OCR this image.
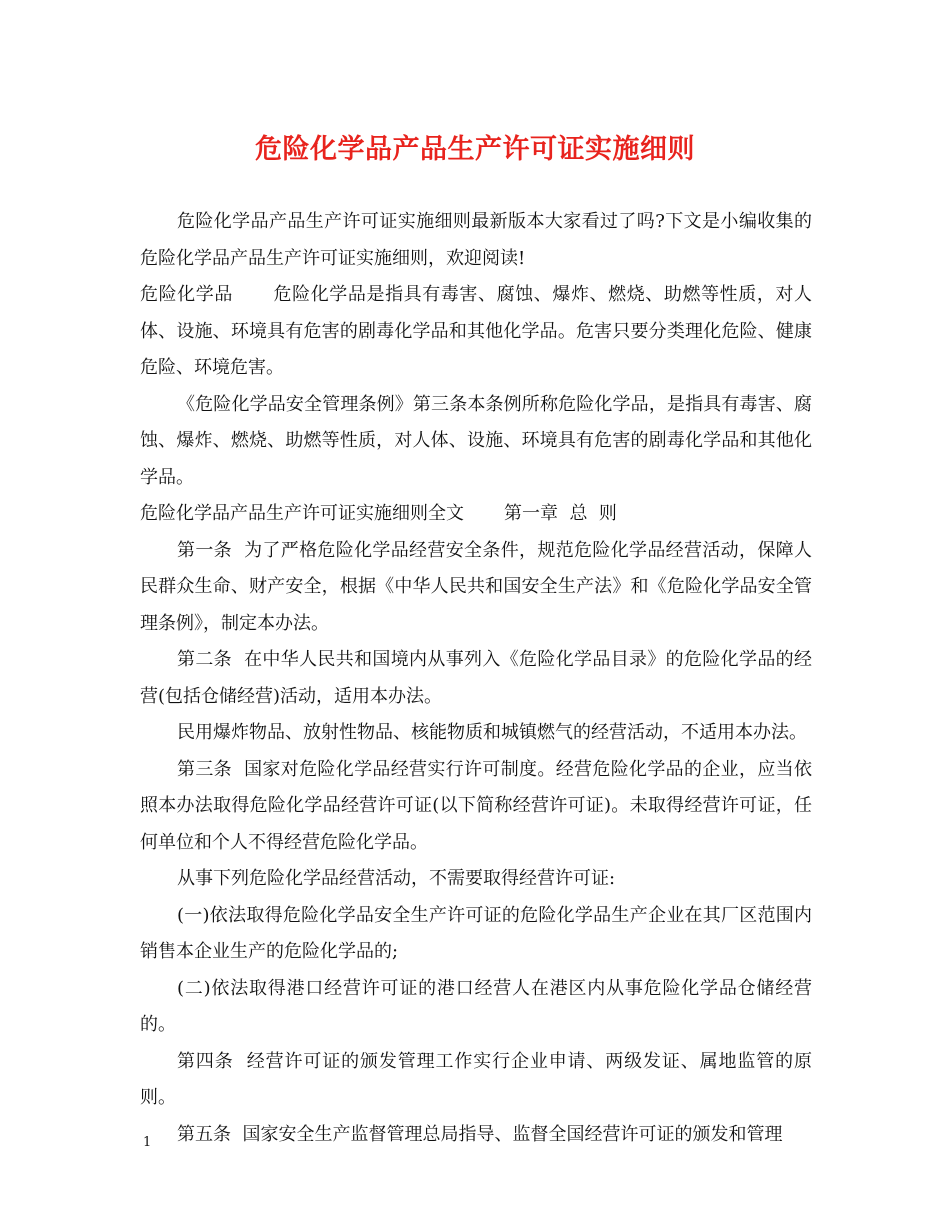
危险化学品产品生产许可证实施细则

危险化学品产品生产许可证实施细则最新版本大家看过了吗?下文是小编收集的危险化学品产品生产许可证实施细则，欢迎阅读!

危险化学品 危险化学品是指具有毒害、腐蚀、爆炸、燃烧、助燃等性质，对人体、设施、环境具有危害的剧毒化学品和其他化学品。危害只要分类理化危险、健康危险、环境危害。

《危险化学品安全管理条例》第三条本条例所称危险化学品，是指具有毒害、腐蚀、爆炸、燃烧、助燃等性质，对人体、设施、环境具有危害的剧毒化学品和其他化学品。

危险化学品产品生产许可证实施细则全文 第一章  总  则

第一条  为了严格危险化学品经营安全条件，规范危险化学品经营活动，保障人民群众生命、财产安全，根据《中华人民共和国安全生产法》和《危险化学品安全管理条例》，制定本办法。

第二条  在中华人民共和国境内从事列入《危险化学品目录》的危险化学品的经营(包括仓储经营)活动，适用本办法。

民用爆炸物品、放射性物品、核能物质和城镇燃气的经营活动，不适用本办法。

第三条  国家对危险化学品经营实行许可制度。经营危险化学品的企业，应当依照本办法取得危险化学品经营许可证(以下简称经营许可证)。未取得经营许可证，任何单位和个人不得经营危险化学品。

从事下列危险化学品经营活动，不需要取得经营许可证:

(一)依法取得危险化学品安全生产许可证的危险化学品生产企业在其厂区范围内销售本企业生产的危险化学品的;

(二)依法取得港口经营许可证的港口经营人在港区内从事危险化学品仓储经营的。

第四条  经营许可证的颁发管理工作实行企业申请、两级发证、属地监管的原则。

第五条  国家安全生产监督管理总局指导、监督全国经营许可证的颁发和管理

1
